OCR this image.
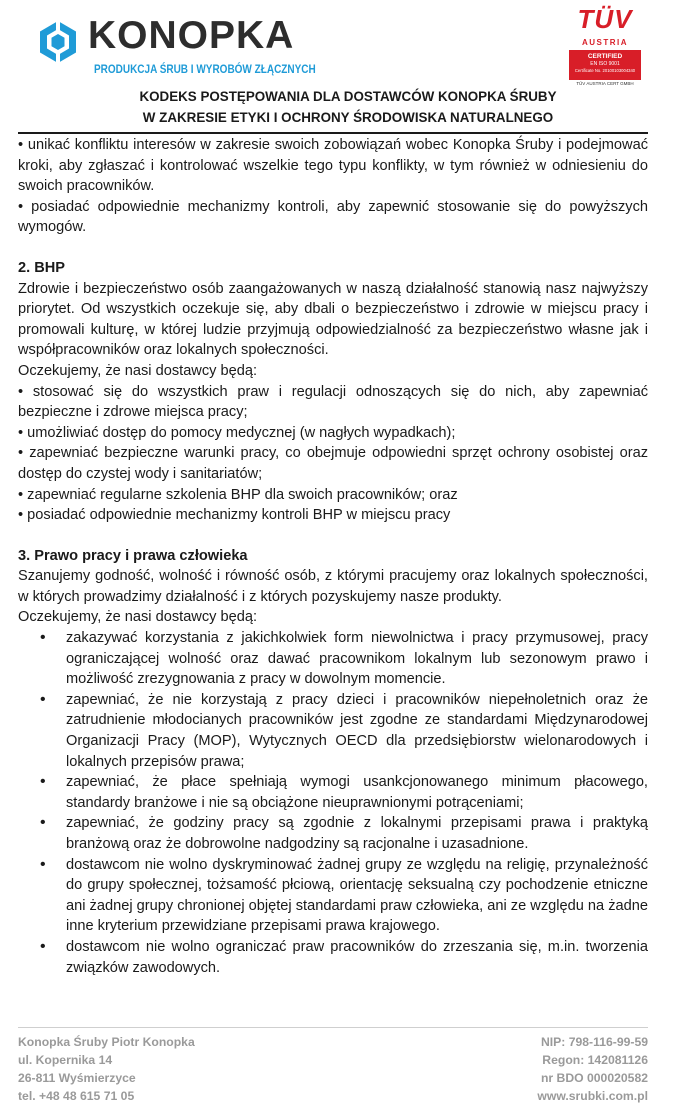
KONOPKA
PRODUKCJA ŚRUB I WYROBÓW ZŁĄCZNYCH
TÜV
AUSTRIA
CERTIFIED
EN ISO 9001
Certificate No. 20100103004340
TÜV AUSTRIA CERT GMBH
KODEKS POSTĘPOWANIA DLA DOSTAWCÓW KONOPKA ŚRUBY
W ZAKRESIE ETYKI I OCHRONY ŚRODOWISKA NATURALNEGO

• unikać konfliktu interesów w zakresie swoich zobowiązań wobec Konopka Śruby i podejmować kroki, aby zgłaszać i kontrolować wszelkie tego typu konflikty, w tym również w odniesieniu do swoich pracowników.

• posiadać odpowiednie mechanizmy kontroli, aby zapewnić stosowanie się do powyższych wymogów.

2. BHP

Zdrowie i bezpieczeństwo osób zaangażowanych w naszą działalność stanowią nasz najwyższy priorytet. Od wszystkich oczekuje się, aby dbali o bezpieczeństwo i zdrowie w miejscu pracy i promowali kulturę, w której ludzie przyjmują odpowiedzialność za bezpieczeństwo własne jak i współpracowników oraz lokalnych społeczności.

Oczekujemy, że nasi dostawcy będą:

• stosować się do wszystkich praw i regulacji odnoszących się do nich, aby zapewniać bezpieczne i zdrowe miejsca pracy;

• umożliwiać dostęp do pomocy medycznej (w nagłych wypadkach);

• zapewniać bezpieczne warunki pracy, co obejmuje odpowiedni sprzęt ochrony osobistej oraz dostęp do czystej wody i sanitariatów;

• zapewniać regularne szkolenia BHP dla swoich pracowników; oraz

• posiadać odpowiednie mechanizmy kontroli BHP w miejscu pracy

3. Prawo pracy i prawa człowieka

Szanujemy godność, wolność i równość osób, z którymi pracujemy oraz lokalnych społeczności, w których prowadzimy działalność i z których pozyskujemy nasze produkty.

Oczekujemy, że nasi dostawcy będą:

• zakazywać korzystania z jakichkolwiek form niewolnictwa i pracy przymusowej, pracy ograniczającej wolność oraz dawać pracownikom lokalnym lub sezonowym prawo i możliwość zrezygnowania z pracy w dowolnym momencie.
• zapewniać, że nie korzystają z pracy dzieci i pracowników niepełnoletnich oraz że zatrudnienie młodocianych pracowników jest zgodne ze standardami Międzynarodowej Organizacji Pracy (MOP), Wytycznych OECD dla przedsiębiorstw wielonarodowych i lokalnych przepisów prawa;
• zapewniać, że płace spełniają wymogi usankcjonowanego minimum płacowego, standardy branżowe i nie są obciążone nieuprawnionymi potrąceniami;
• zapewniać, że godziny pracy są zgodnie z lokalnymi przepisami prawa i praktyką branżową oraz że dobrowolne nadgodziny są racjonalne i uzasadnione.
• dostawcom nie wolno dyskryminować żadnej grupy ze względu na religię, przynależność do grupy społecznej, tożsamość płciową, orientację seksualną czy pochodzenie etniczne ani żadnej grupy chronionej objętej standardami praw człowieka, ani ze względu na żadne inne kryterium przewidziane przepisami prawa krajowego.
• dostawcom nie wolno ograniczać praw pracowników do zrzeszania się, m.in. tworzenia związków zawodowych.
Konopka Śruby Piotr Konopka
ul. Kopernika 14
26-811 Wyśmierzyce
tel. +48 48 615 71 05
NIP: 798-116-99-59
Regon: 142081126
nr BDO 000020582
www.srubki.com.pl
